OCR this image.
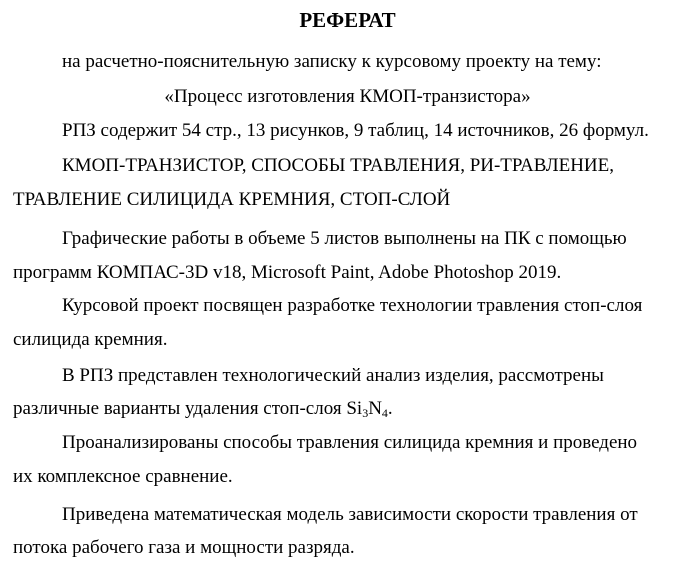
РЕФЕРАТ
на расчетно-пояснительную записку к курсовому проекту на тему:
«Процесс изготовления КМОП-транзистора»
РПЗ содержит 54 стр., 13 рисунков, 9 таблиц, 14 источников, 26 формул.
КМОП-ТРАНЗИСТОР, СПОСОБЫ ТРАВЛЕНИЯ, РИ-ТРАВЛЕНИЕ,
ТРАВЛЕНИЕ СИЛИЦИДА КРЕМНИЯ, СТОП-СЛОЙ
Графические работы в объеме 5 листов выполнены на ПК с помощью
программ КОМПАС-3D v18, Microsoft Paint, Adobe Photoshop 2019.
Курсовой проект посвящен разработке технологии травления стоп-слоя
силицида кремния.
В РПЗ представлен технологический анализ изделия, рассмотрены
различные варианты удаления стоп-слоя $Si_3N_4$.
Проанализированы способы травления силицида кремния и проведено
их комплексное сравнение.
Приведена математическая модель зависимости скорости травления от
потока рабочего газа и мощности разряда.
